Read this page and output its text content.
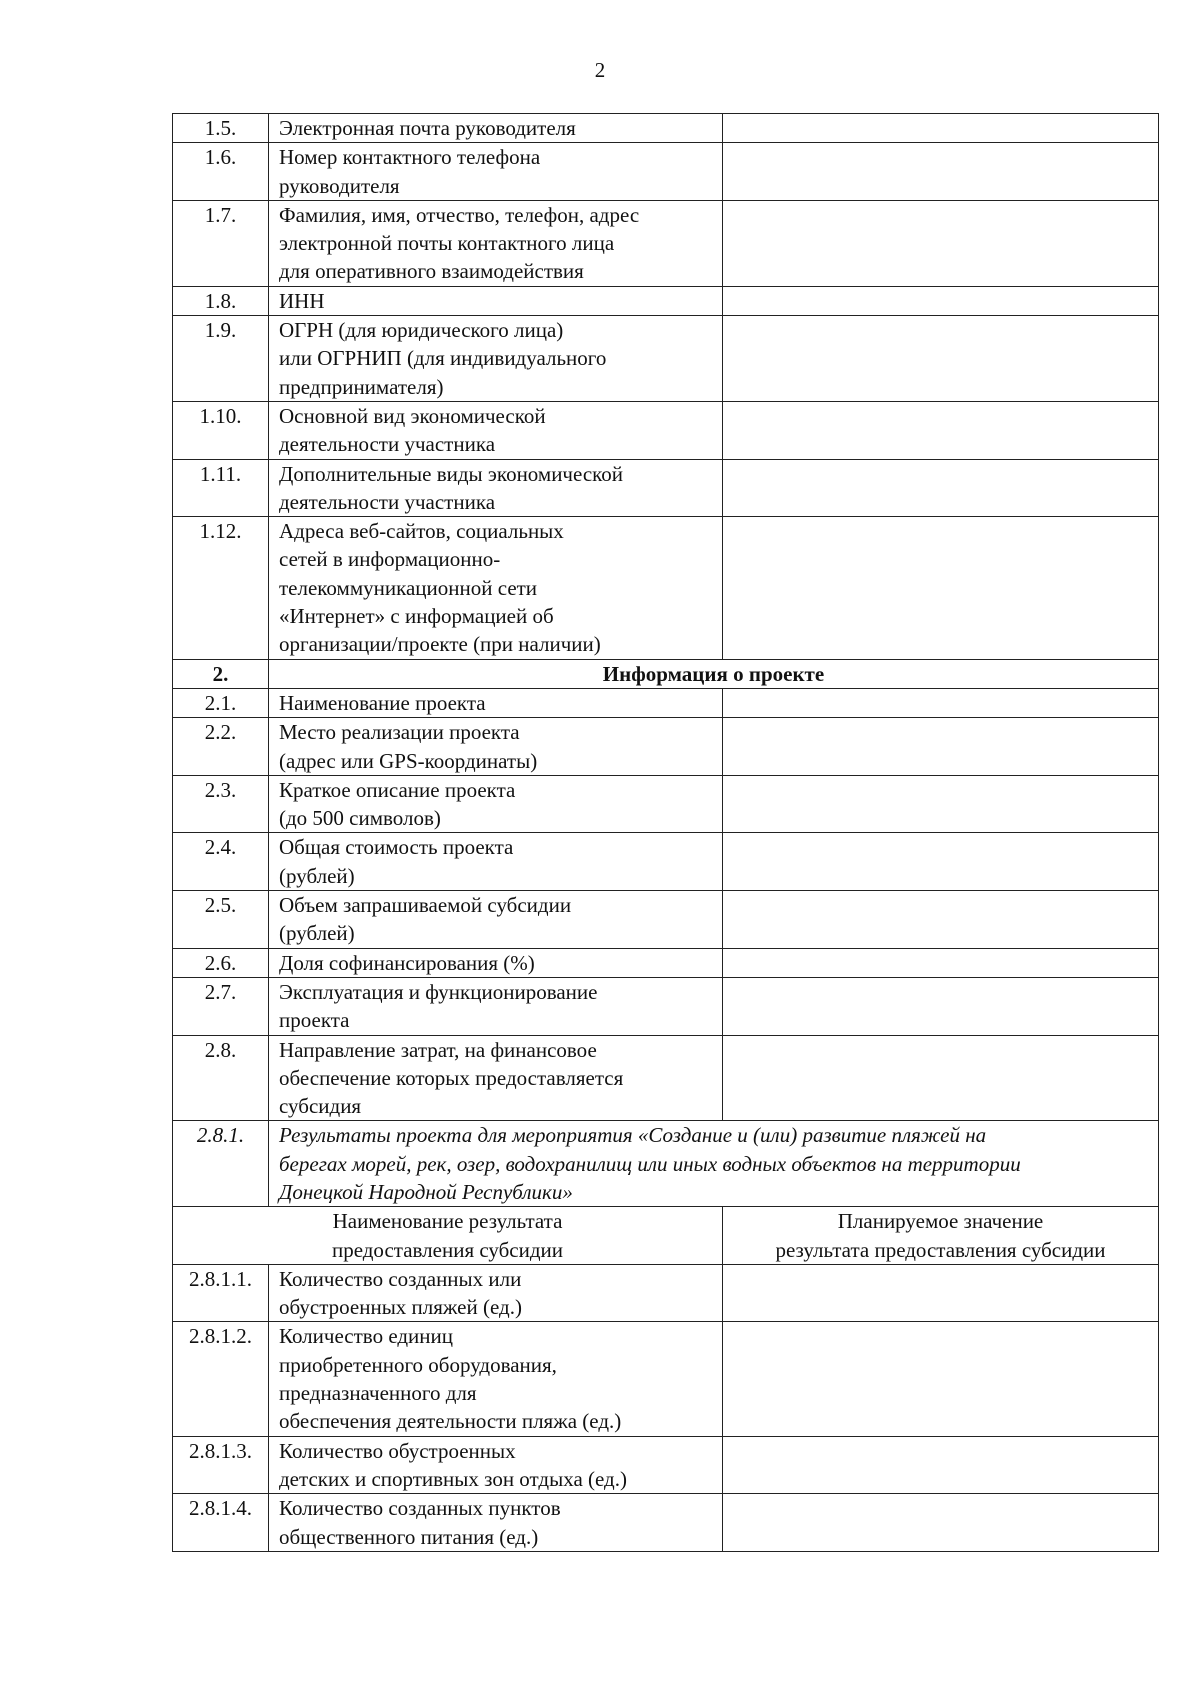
2
1.5.	Электронная почта руководителя	

1.6.	Номер контактного телефона
руководителя	

1.7.	Фамилия, имя, отчество, телефон, адрес
электронной почты контактного лица
для оперативного взаимодействия	

1.8.	ИНН	

1.9.	ОГРН (для юридического лица)
или ОГРНИП (для индивидуального
предпринимателя)	

1.10.	Основной вид экономической
деятельности участника	

1.11.	Дополнительные виды экономической
деятельности участника	

1.12.	Адреса веб-сайтов, социальных
сетей в информационно-
телекоммуникационной сети
«Интернет» с информацией об
организации/проекте (при наличии)	

2.	Информация о проекте	
2.1.	Наименование проекта	

2.2.	Место реализации проекта
(адрес или GPS-координаты)	

2.3.	Краткое описание проекта
(до 500 символов)	

2.4.	Общая стоимость проекта
(рублей)	

2.5.	Объем запрашиваемой субсидии
(рублей)	

2.6.	Доля софинансирования (%)	

2.7.	Эксплуатация и функционирование
проекта	

2.8.	Направление затрат, на финансовое
обеспечение которых предоставляется
субсидия	

2.8.1.	Результаты проекта для мероприятия «Создание и (или) развитие пляжей на
берегах морей, рек, озер, водохранилищ или иных водных объектов на территории
Донецкой Народной Республики»	

Наименование результата
предоставления субсидии		Планируемое значение
результата предоставления субсидии

2.8.1.1.	Количество созданных или
обустроенных пляжей (ед.)	

2.8.1.2.	Количество единиц
приобретенного оборудования,
предназначенного для
обеспечения деятельности пляжа (ед.)	

2.8.1.3.	Количество обустроенных
детских и спортивных зон отдыха (ед.)	

2.8.1.4.	Количество созданных пунктов
общественного питания (ед.)	
